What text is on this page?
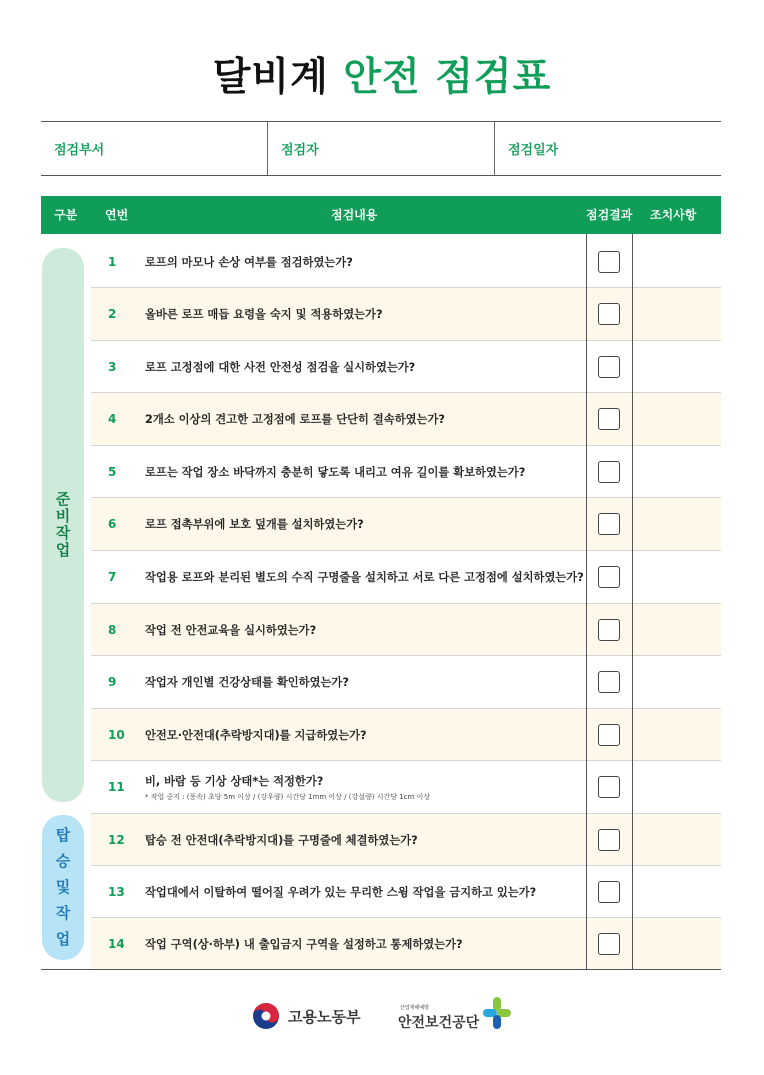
달비계 안전 점검표
점검부서	점검자	점검일자
구분 연번	점검내용	점검결과 조치사항
1	로프의 마모나 손상 여부를 점검하였는가?
2	올바른 로프 매듭 요령을 숙지 및 적용하였는가?
3	로프 고정점에 대한 사전 안전성 점검을 실시하였는가?
4	2개소 이상의 견고한 고정점에 로프를 단단히 결속하였는가?
5	로프는 작업 장소 바닥까지 충분히 닿도록 내리고 여유 길이를 확보하였는가?
6	로프 접촉부위에 보호 덮개를 설치하였는가?
7	작업용 로프와 분리된 별도의 수직 구명줄을 설치하고 서로 다른 고정점에 설치하였는가?
8	작업 전 안전교육을 실시하였는가?
9	작업자 개인별 건강상태를 확인하였는가?
10 안전모·안전대(추락방지대)를 지급하였는가?
11 비, 바람 등 기상 상태*는 적정한가?
* 작업 중지 : (풍속) 초당 5m 이상 / (강우량) 시간당 1mm 이상 / (강설량) 시간당 1cm 이상
12 탑승 전 안전대(추락방지대)를 구명줄에 체결하였는가?
13 작업대에서 이탈하여 떨어질 우려가 있는 무리한 스윙 작업을 금지하고 있는가?
14 작업 구역(상·하부) 내 출입금지 구역을 설정하고 통제하였는가?
준
비
작
업
탑
승
및
작
업
고용노동부	산업재해예방
안전보건공단
